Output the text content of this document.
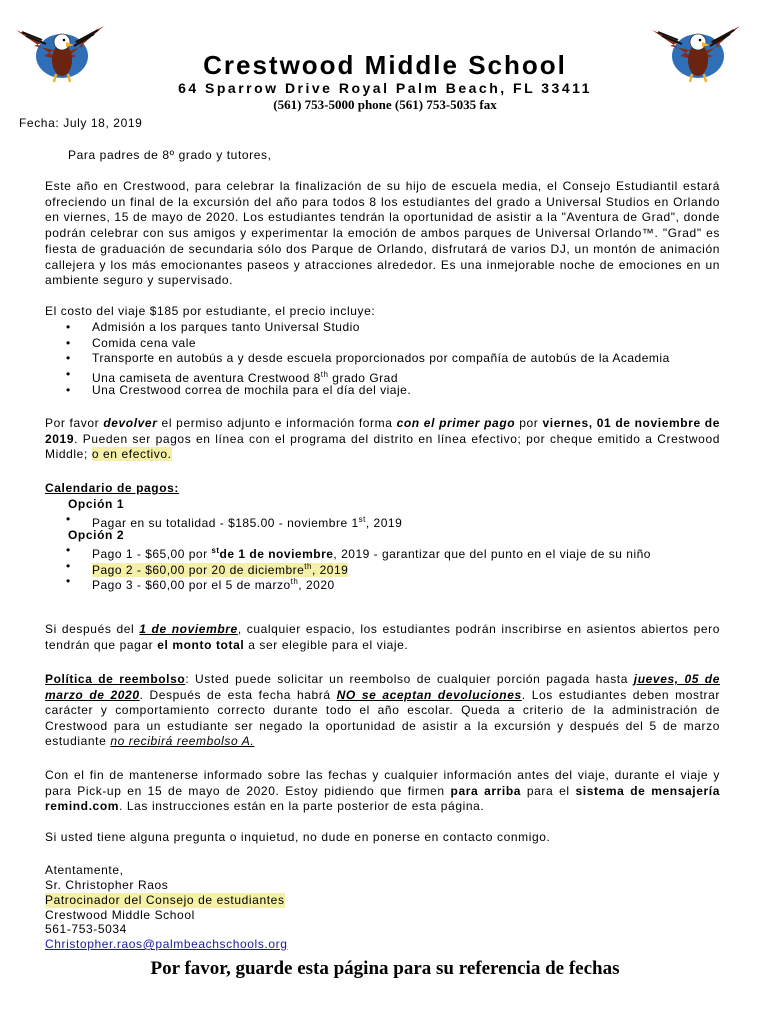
Crestwood Middle School
64 Sparrow Drive Royal Palm Beach, FL 33411
(561) 753-5000 phone (561) 753-5035 fax
Fecha: July 18, 2019
Para padres de 8º grado y tutores,
Este año en Crestwood, para celebrar la finalización de su hijo de escuela media, el Consejo Estudiantil estará ofreciendo un final de la excursión del año para todos 8 los estudiantes del grado a Universal Studios en Orlando en viernes, 15 de mayo de 2020. Los estudiantes tendrán la oportunidad de asistir a la "Aventura de Grad", donde podrán celebrar con sus amigos y experimentar la emoción de ambos parques de Universal Orlando™. "Grad" es fiesta de graduación de secundaria sólo dos Parque de Orlando, disfrutará de varios DJ, un montón de animación callejera y los más emocionantes paseos y atracciones alrededor. Es una inmejorable noche de emociones en un ambiente seguro y supervisado.
El costo del viaje $185 por estudiante, el precio incluye:
• Admisión a los parques tanto Universal Studio
• Comida cena vale
• Transporte en autobús a y desde escuela proporcionados por compañía de autobús de la Academia
• Una camiseta de aventura Crestwood 8th grado Grad
• Una Crestwood correa de mochila para el día del viaje.
Por favor devolver el permiso adjunto e información forma con el primer pago por viernes, 01 de noviembre de 2019. Pueden ser pagos en línea con el programa del distrito en línea efectivo; por cheque emitido a Crestwood Middle; o en efectivo.
Calendario de pagos:
Opción 1
• Pagar en su totalidad - $185.00 - noviembre 1st, 2019
Opción 2
• Pago 1 - $65,00 por $^{st}$de 1 de noviembre, 2019 - garantizar que del punto en el viaje de su niño
• Pago 2 - $60,00 por 20 de diciembre$^{th}$, 2019
• Pago 3 - $60,00 por el 5 de marzo$^{th}$, 2020
Si después del 1 de noviembre, cualquier espacio, los estudiantes podrán inscribirse en asientos abiertos pero tendrán que pagar el monto total a ser elegible para el viaje.
Política de reembolso: Usted puede solicitar un reembolso de cualquier porción pagada hasta jueves, 05 de marzo de 2020. Después de esta fecha habrá NO se aceptan devoluciones. Los estudiantes deben mostrar carácter y comportamiento correcto durante todo el año escolar. Queda a criterio de la administración de Crestwood para un estudiante ser negado la oportunidad de asistir a la excursión y después del 5 de marzo estudiante no recibirá reembolso A.
Con el fin de mantenerse informado sobre las fechas y cualquier información antes del viaje, durante el viaje y para Pick-up en 15 de mayo de 2020. Estoy pidiendo que firmen para arriba para el sistema de mensajería remind.com. Las instrucciones están en la parte posterior de esta página.
Si usted tiene alguna pregunta o inquietud, no dude en ponerse en contacto conmigo.
Atentamente,
Sr. Christopher Raos
Patrocinador del Consejo de estudiantes
Crestwood Middle School
561-753-5034
Christopher.raos@palmbeachschools.org
Por favor, guarde esta página para su referencia de fechas
